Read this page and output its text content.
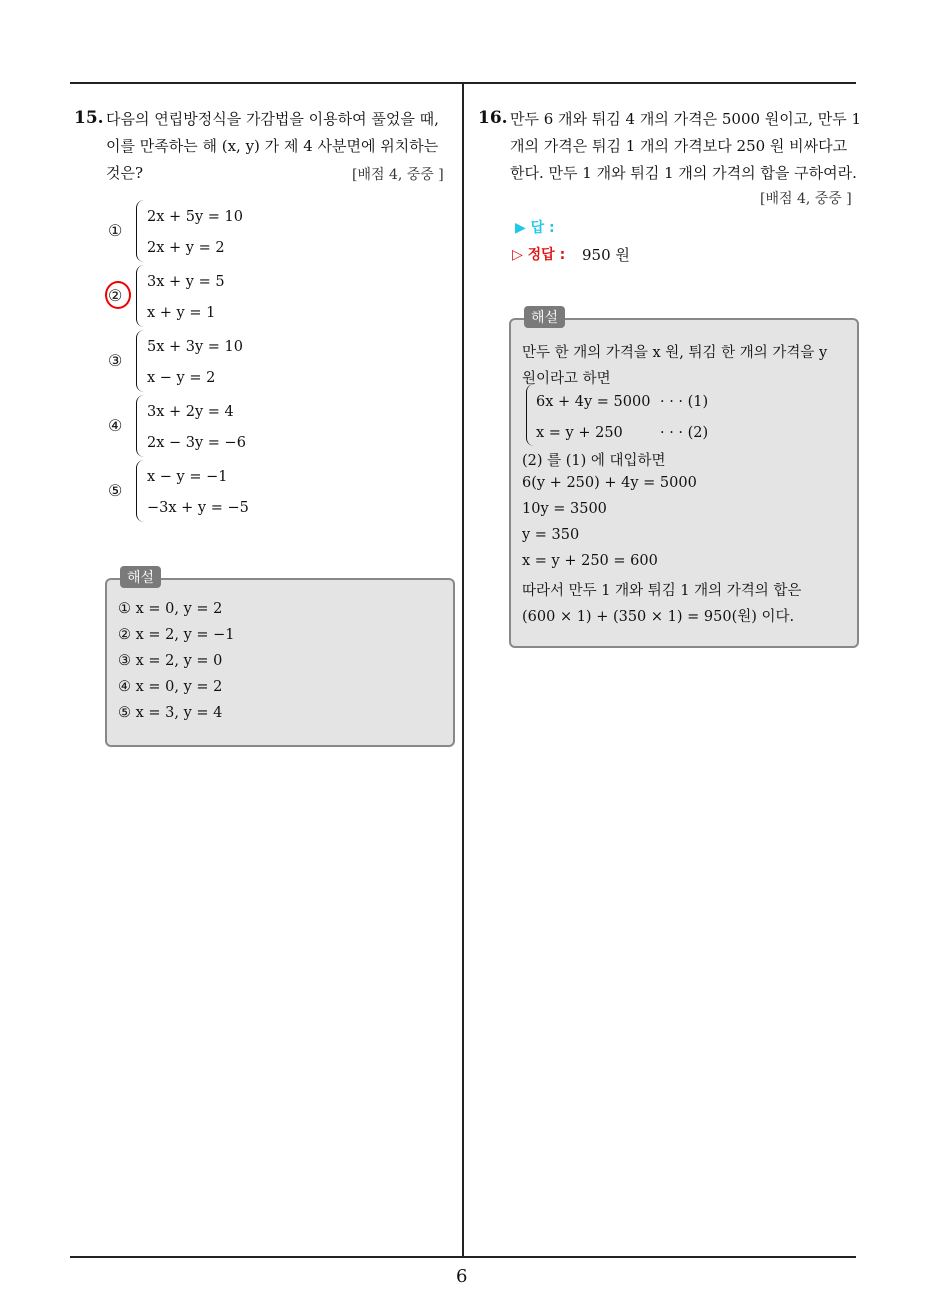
15. 다음의 연립방정식을 가감법을 이용하여 풀었을 때,
이를 만족하는 해 (x, y) 가 제 4 사분면에 위치하는
것은?	[배점 4, 중중 ]
①
2x + 5y = 10
2x + y = 2
②
3x + y = 5
x + y = 1
③
5x + 3y = 10
x − y = 2
④
3x + 2y = 4
2x − 3y = −6
⑤
x − y = −1
−3x + y = −5
해설
① x = 0, y = 2
② x = 2, y = −1
③ x = 2, y = 0
④ x = 0, y = 2
⑤ x = 3, y = 4
16. 만두 6 개와 튀김 4 개의 가격은 5000 원이고, 만두 1
개의 가격은 튀김 1 개의 가격보다 250 원 비싸다고
한다. 만두 1 개와 튀김 1 개의 가격의 합을 구하여라.
[배점 4, 중중 ]
▶ 답 :
▷ 정답 : 950 원
해설
만두 한 개의 가격을 x 원, 튀김 한 개의 가격을 y
원이라고 하면
6x + 4y = 5000 · · · (1)
x = y + 250	· · · (2)
(2) 를 (1) 에 대입하면
6(y + 250) + 4y = 5000
10y = 3500
y = 350
x = y + 250 = 600
따라서 만두 1 개와 튀김 1 개의 가격의 합은
(600 × 1) + (350 × 1) = 950(원) 이다.
6
